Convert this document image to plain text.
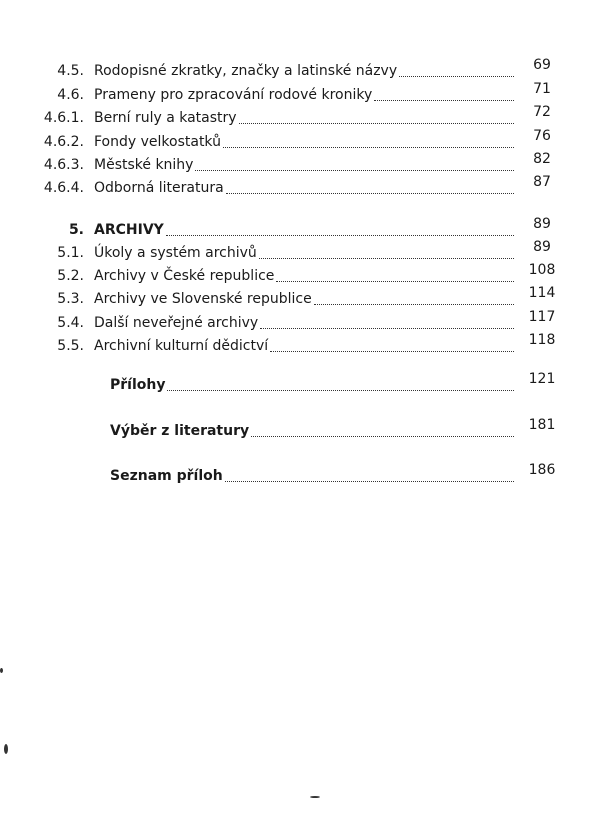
4.5. Rodopisné zkratky, značky a latinské názvy	69
4.6. Prameny pro zpracování rodové kroniky	71
4.6.1. Berní ruly a katastry	72
4.6.2. Fondy velkostatků	76
4.6.3. Městské knihy	82
4.6.4. Odborná literatura	87
5. ARCHIVY	89
5.1. Úkoly a systém archivů	89
5.2. Archivy v České republice	108
5.3. Archivy ve Slovenské republice	114
5.4. Další neveřejné archivy	117
5.5. Archivní kulturní dědictví	118
Přílohy	121
Výběr z literatury	181
Seznam příloh	186
